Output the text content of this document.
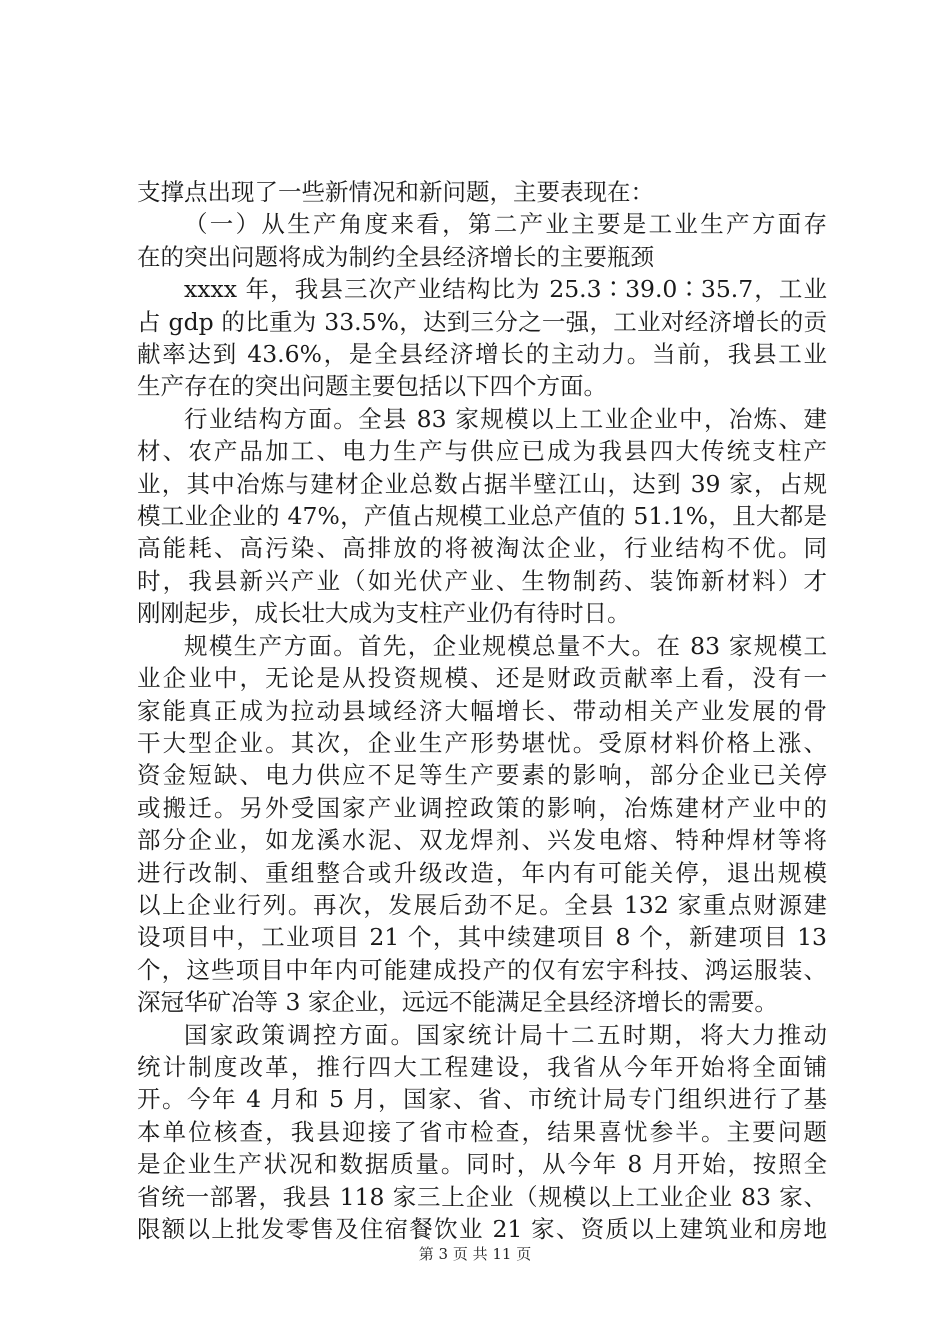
支撑点出现了一些新情况和新问题，主要表现在：
（一）从生产角度来看，第二产业主要是工业生产方面存
在的突出问题将成为制约全县经济增长的主要瓶颈
xxxx 年，我县三次产业结构比为 25.3∶39.0∶35.7，工业
占 gdp 的比重为 33.5%，达到三分之一强，工业对经济增长的贡
献率达到 43.6%，是全县经济增长的主动力。当前，我县工业
生产存在的突出问题主要包括以下四个方面。
行业结构方面。全县 83 家规模以上工业企业中，冶炼、建
材、农产品加工、电力生产与供应已成为我县四大传统支柱产
业，其中冶炼与建材企业总数占据半壁江山，达到 39 家，占规
模工业企业的 47%，产值占规模工业总产值的 51.1%，且大都是
高能耗、高污染、高排放的将被淘汰企业，行业结构不优。同
时，我县新兴产业（如光伏产业、生物制药、装饰新材料）才
刚刚起步，成长壮大成为支柱产业仍有待时日。
规模生产方面。首先，企业规模总量不大。在 83 家规模工
业企业中，无论是从投资规模、还是财政贡献率上看，没有一
家能真正成为拉动县域经济大幅增长、带动相关产业发展的骨
干大型企业。其次，企业生产形势堪忧。受原材料价格上涨、
资金短缺、电力供应不足等生产要素的影响，部分企业已关停
或搬迁。另外受国家产业调控政策的影响，冶炼建材产业中的
部分企业，如龙溪水泥、双龙焊剂、兴发电熔、特种焊材等将
进行改制、重组整合或升级改造，年内有可能关停，退出规模
以上企业行列。再次，发展后劲不足。全县 132 家重点财源建
设项目中，工业项目 21 个，其中续建项目 8 个，新建项目 13
个，这些项目中年内可能建成投产的仅有宏宇科技、鸿运服装、
深冠华矿冶等 3 家企业，远远不能满足全县经济增长的需要。
国家政策调控方面。国家统计局十二五时期，将大力推动
统计制度改革，推行四大工程建设，我省从今年开始将全面铺
开。今年 4 月和 5 月，国家、省、市统计局专门组织进行了基
本单位核查，我县迎接了省市检查，结果喜忧参半。主要问题
是企业生产状况和数据质量。同时，从今年 8 月开始，按照全
省统一部署，我县 118 家三上企业（规模以上工业企业 83 家、
限额以上批发零售及住宿餐饮业 21 家、资质以上建筑业和房地
第 3 页 共 11 页
